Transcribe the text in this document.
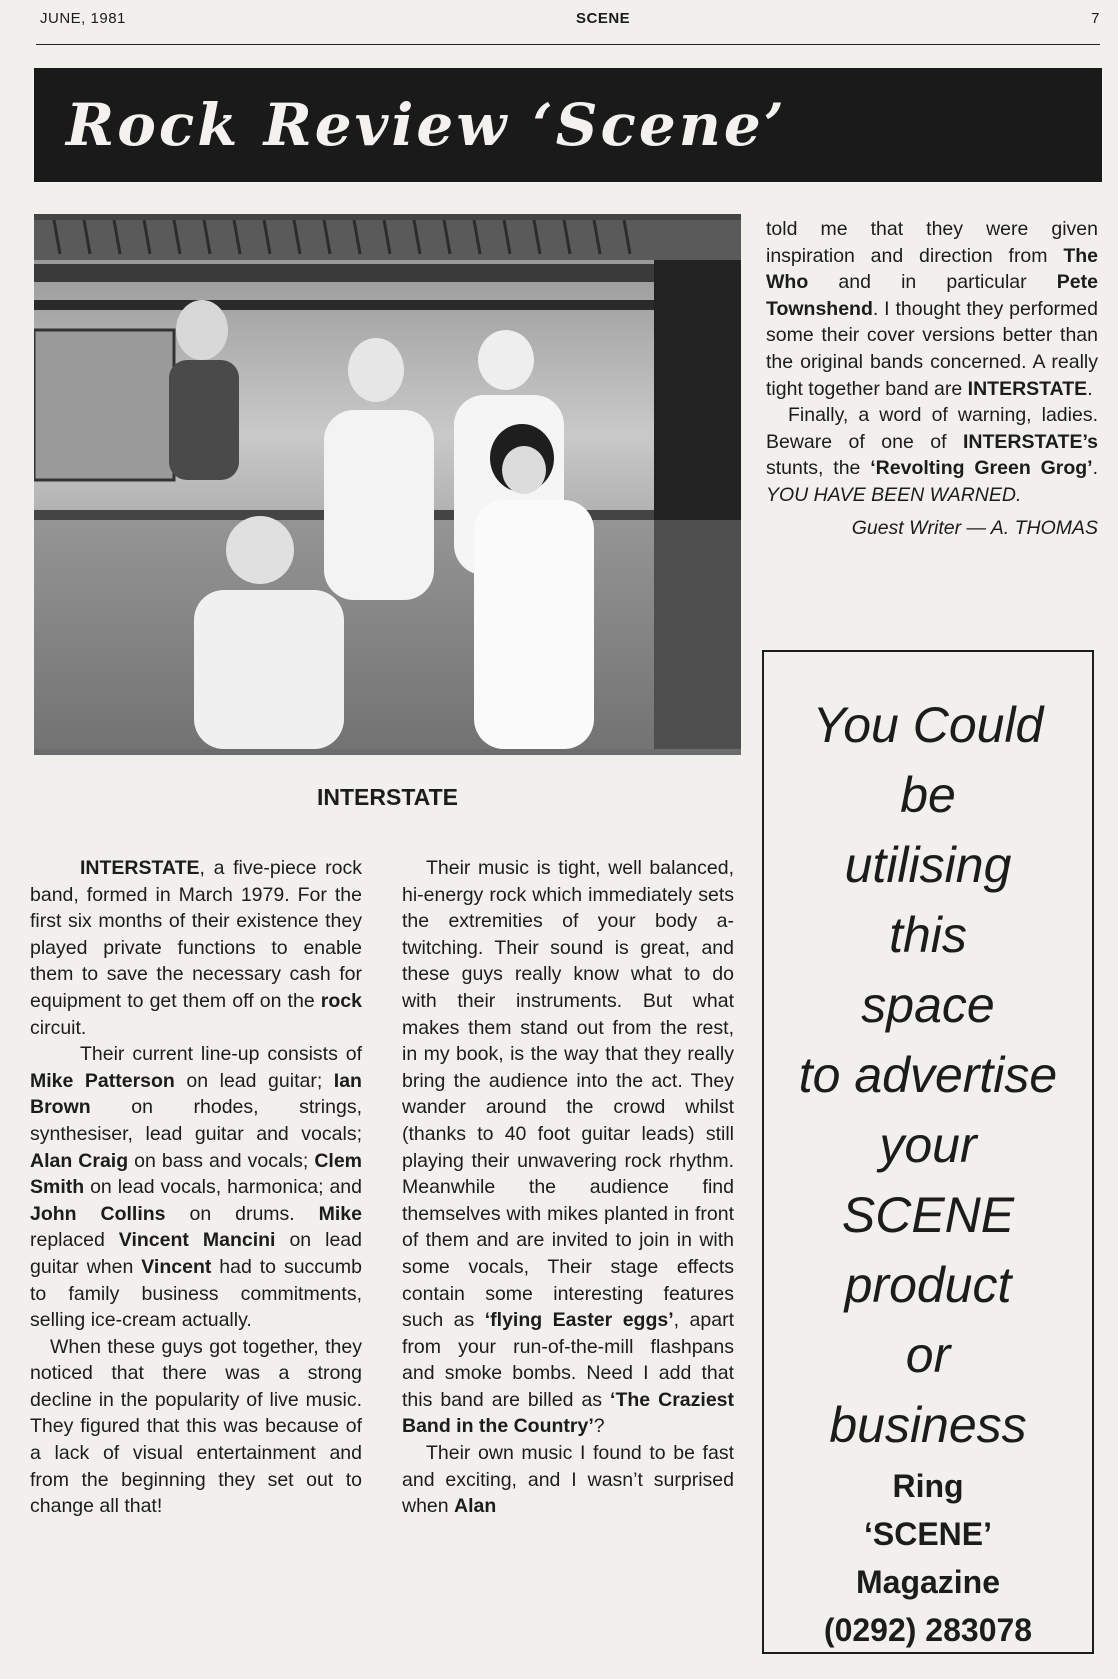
JUNE, 1981	SCENE	7
Rock Review ‘Scene’
INTERSTATE

INTERSTATE, a five-piece rock band, formed in March 1979. For the first six months of their existence they played private functions to enable them to save the necessary cash for equipment to get them off on the rock circuit.

Their current line-up consists of Mike Patterson on lead guitar; Ian Brown on rhodes, strings, synthesiser, lead guitar and vocals; Alan Craig on bass and vocals; Clem Smith on lead vocals, harmonica; and John Collins on drums. Mike replaced Vincent Mancini on lead guitar when Vincent had to succumb to family business commitments, selling ice-cream actually.

When these guys got together, they noticed that there was a strong decline in the popularity of live music. They figured that this was because of a lack of visual entertainment and from the beginning they set out to change all that!

Their music is tight, well balanced, hi-energy rock which immediately sets the extremities of your body a-twitching. Their sound is great, and these guys really know what to do with their instruments. But what makes them stand out from the rest, in my book, is the way that they really bring the audience into the act. They wander around the crowd whilst (thanks to 40 foot guitar leads) still playing their unwavering rock rhythm. Meanwhile the audience find themselves with mikes planted in front of them and are invited to join in with some vocals, Their stage effects contain some interesting features such as ‘flying Easter eggs’, apart from your run-of-the-mill flashpans and smoke bombs. Need I add that this band are billed as ‘The Craziest Band in the Country’?

Their own music I found to be fast and exciting, and I wasn’t surprised when Alan

told me that they were given inspiration and direction from The Who and in particular Pete Townshend. I thought they performed some their cover versions better than the original bands concerned. A really tight together band are INTERSTATE.

Finally, a word of warning, ladies. Beware of one of INTERSTATE’s stunts, the ‘Revolting Green Grog’. YOU HAVE BEEN WARNED.

Guest Writer — A. THOMAS

You Could
be
utilising
this
space
to advertise
your
SCENE
product
or
business
Ring
‘SCENE’
Magazine
(0292) 283078
